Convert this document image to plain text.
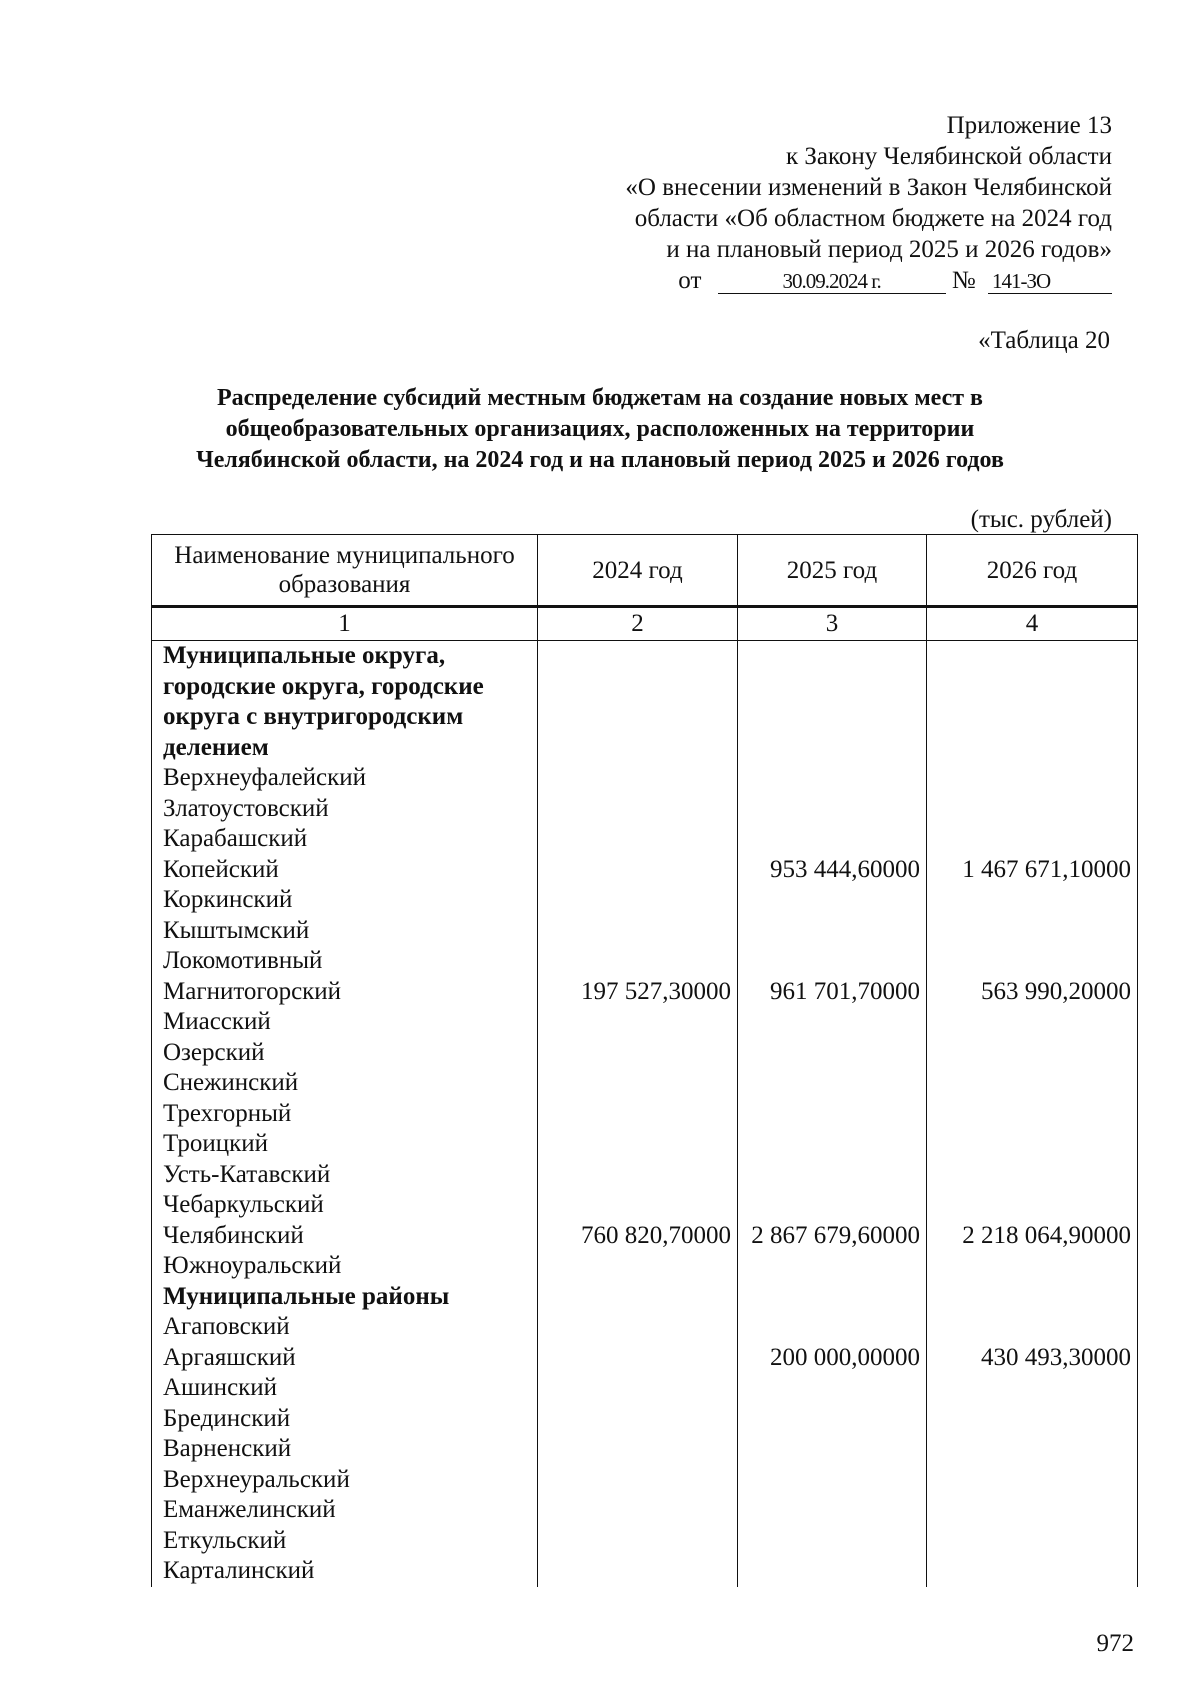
Приложение 13
к Закону Челябинской области
«О внесении изменений в Закон Челябинской
области «Об областном бюджете на 2024 год
и на плановый период 2025 и 2026 годов»
от	30.09.2024 г.	№ 141-ЗО
«Таблица 20
Распределение субсидий местным бюджетам на создание новых мест в
общеобразовательных организациях, расположенных на территории
Челябинской области, на 2024 год и на плановый период 2025 и 2026 годов
(тыс. рублей)
Наименование муниципального образования	2024 год	2025 год	2026 год
1	2	3	4
Муниципальные округа, городские округа, городские округа с внутригородским делением			
Верхнеуфалейский			
Златоустовский			
Карабашский			
Копейский		953 444,60000	1 467 671,10000
Коркинский			
Кыштымский			
Локомотивный			
Магнитогорский	197 527,30000	961 701,70000	563 990,20000
Миасский			
Озерский			
Снежинский			
Трехгорный			
Троицкий			
Усть-Катавский			
Чебаркульский			
Челябинский	760 820,70000	2 867 679,60000	2 218 064,90000
Южноуральский			
Муниципальные районы			
Агаповский			
Аргаяшский		200 000,00000	430 493,30000
Ашинский			
Брединский			
Варненский			
Верхнеуральский			
Еманжелинский			
Еткульский			
Карталинский			
972
